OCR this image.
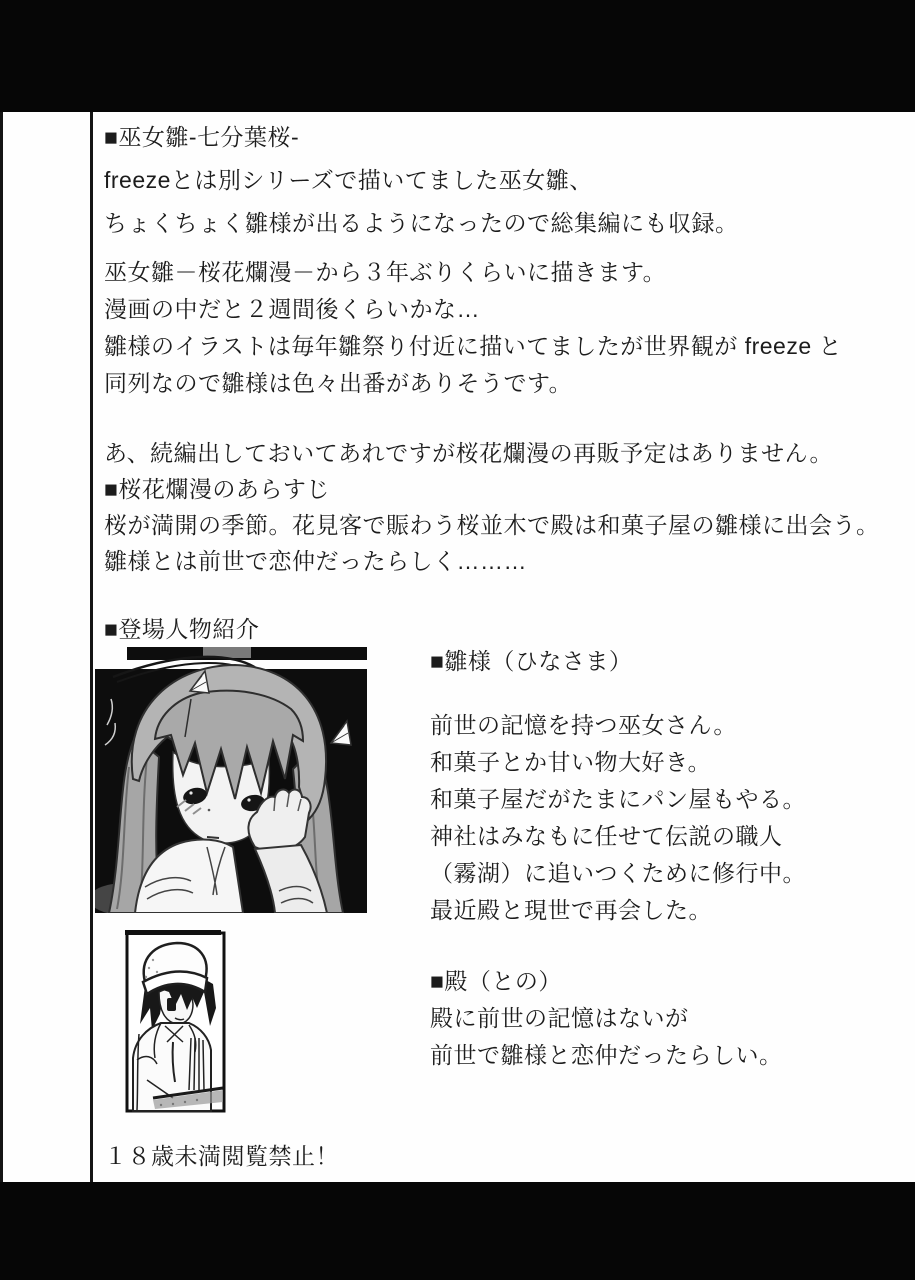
■巫女雛-七分葉桜-
freezeとは別シリーズで描いてました巫女雛、
ちょくちょく雛様が出るようになったので総集編にも収録。
巫女雛－桜花爛漫－から３年ぶりくらいに描きます。
漫画の中だと２週間後くらいかな…
雛様のイラストは毎年雛祭り付近に描いてましたが世界観が freeze と
同列なので雛様は色々出番がありそうです。
あ、続編出しておいてあれですが桜花爛漫の再販予定はありません。
■桜花爛漫のあらすじ
桜が満開の季節。花見客で賑わう桜並木で殿は和菓子屋の雛様に出会う。
雛様とは前世で恋仲だったらしく………
■登場人物紹介
■雛様（ひなさま）
前世の記憶を持つ巫女さん。
和菓子とか甘い物大好き。
和菓子屋だがたまにパン屋もやる。
神社はみなもに任せて伝説の職人
（霧湖）に追いつくために修行中。
最近殿と現世で再会した。
■殿（との）
殿に前世の記憶はないが
前世で雛様と恋仲だったらしい。
１８歳未満閲覧禁止！
